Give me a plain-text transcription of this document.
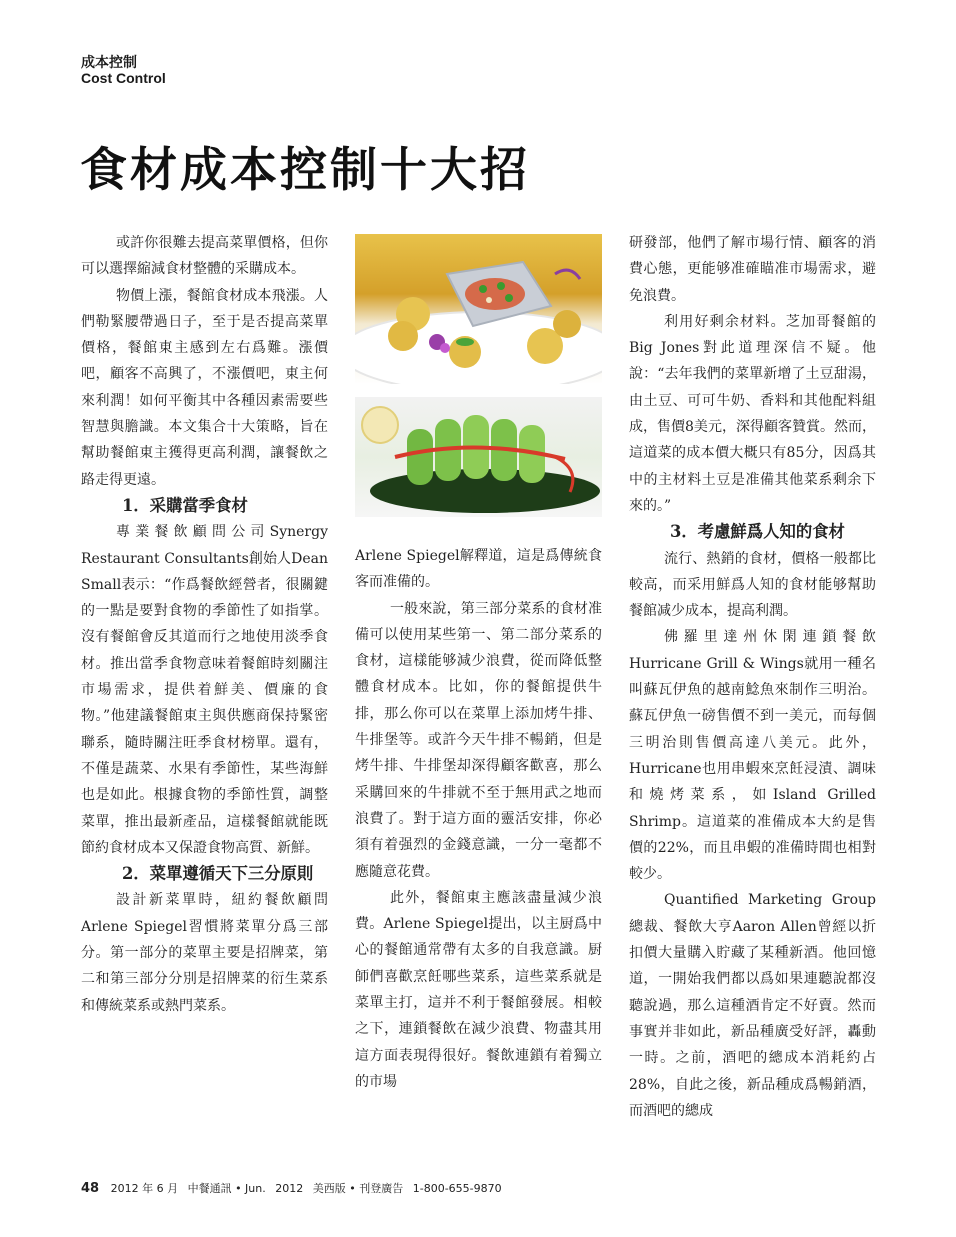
成本控制
Cost Control
食材成本控制十大招

或許你很難去提高菜單價格，但你可以選擇縮減食材整體的采購成本。

物價上漲，餐館食材成本飛漲。人們勒緊腰帶過日子，至于是否提高菜單價格，餐館東主感到左右爲難。漲價吧，顧客不高興了，不漲價吧，東主何來利潤！如何平衡其中各種因素需要些智慧與膽識。本文集合十大策略，旨在幫助餐館東主獲得更高利潤，讓餐飲之路走得更遠。

1．采購當季食材

專業餐飲顧問公司Synergy Restaurant Consultants創始人Dean Small表示：“作爲餐飲經營者，很關鍵的一點是要對食物的季節性了如指掌。沒有餐館會反其道而行之地使用淡季食材。推出當季食物意味着餐館時刻關注市場需求，提供着鮮美、價廉的食物。”他建議餐館東主與供應商保持緊密聯系，隨時關注旺季食材榜單。還有，不僅是蔬菜、水果有季節性，某些海鮮也是如此。根據食物的季節性質，調整菜單，推出最新產品，這樣餐館就能既節約食材成本又保證食物高質、新鮮。

2．菜單遵循天下三分原則

設計新菜單時，紐約餐飲顧問Arlene Spiegel習慣將菜單分爲三部分。第一部分的菜單主要是招牌菜，第二和第三部分分別是招牌菜的衍生菜系和傳統菜系或熱門菜系。

Arlene Spiegel解釋道，這是爲傳統食客而准備的。

一般來說，第三部分菜系的食材准備可以使用某些第一、第二部分菜系的食材，這樣能够減少浪費，從而降低整體食材成本。比如，你的餐館提供牛排，那么你可以在菜單上添加烤牛排、牛排堡等。或許今天牛排不暢銷，但是烤牛排、牛排堡却深得顧客歡喜，那么采購回來的牛排就不至于無用武之地而浪費了。對于這方面的靈活安排，你必須有着强烈的金錢意識，一分一毫都不應隨意花費。

此外，餐館東主應該盡量減少浪費。Arlene Spiegel提出，以主厨爲中心的餐館通常帶有太多的自我意識。厨師們喜歡烹飪哪些菜系，這些菜系就是菜單主打，這并不利于餐館發展。相較之下，連鎖餐飲在減少浪費、物盡其用這方面表現得很好。餐飲連鎖有着獨立的市場

研發部，他們了解市場行情、顧客的消費心態，更能够准確瞄准市場需求，避免浪費。

利用好剩余材料。芝加哥餐館的Big Jones對此道理深信不疑。他說：“去年我們的菜單新增了土豆甜湯，由土豆、可可牛奶、香料和其他配料組成，售價8美元，深得顧客贊賞。然而，這道菜的成本價大概只有85分，因爲其中的主材料土豆是准備其他菜系剩余下來的。”

3．考慮鮮爲人知的食材

流行、熱銷的食材，價格一般都比較高，而采用鮮爲人知的食材能够幫助餐館减少成本，提高利潤。

佛羅里達州休閑連鎖餐飲Hurricane Grill & Wings就用一種名叫蘇瓦伊魚的越南鯰魚來制作三明治。蘇瓦伊魚一磅售價不到一美元，而每個三明治則售價高達八美元。此外，Hurricane也用串蝦來烹飪浸漬、調味和燒烤菜系，如Island Grilled Shrimp。這道菜的准備成本大約是售價的22%，而且串蝦的准備時間也相對較少。

Quantified Marketing Group總裁、餐飲大亨Aaron Allen曾經以折扣價大量購入貯藏了某種新酒。他回憶道，一開始我們都以爲如果連聽說都沒聽說過，那么這種酒肯定不好賣。然而事實并非如此，新品種廣受好評，轟動一時。之前，酒吧的總成本消耗約占28%，自此之後，新品種成爲暢銷酒，而酒吧的總成

48 2012 年 6 月 中餐通訊 • Jun. 2012 美西版 • 刊登廣告 1-800-655-9870
